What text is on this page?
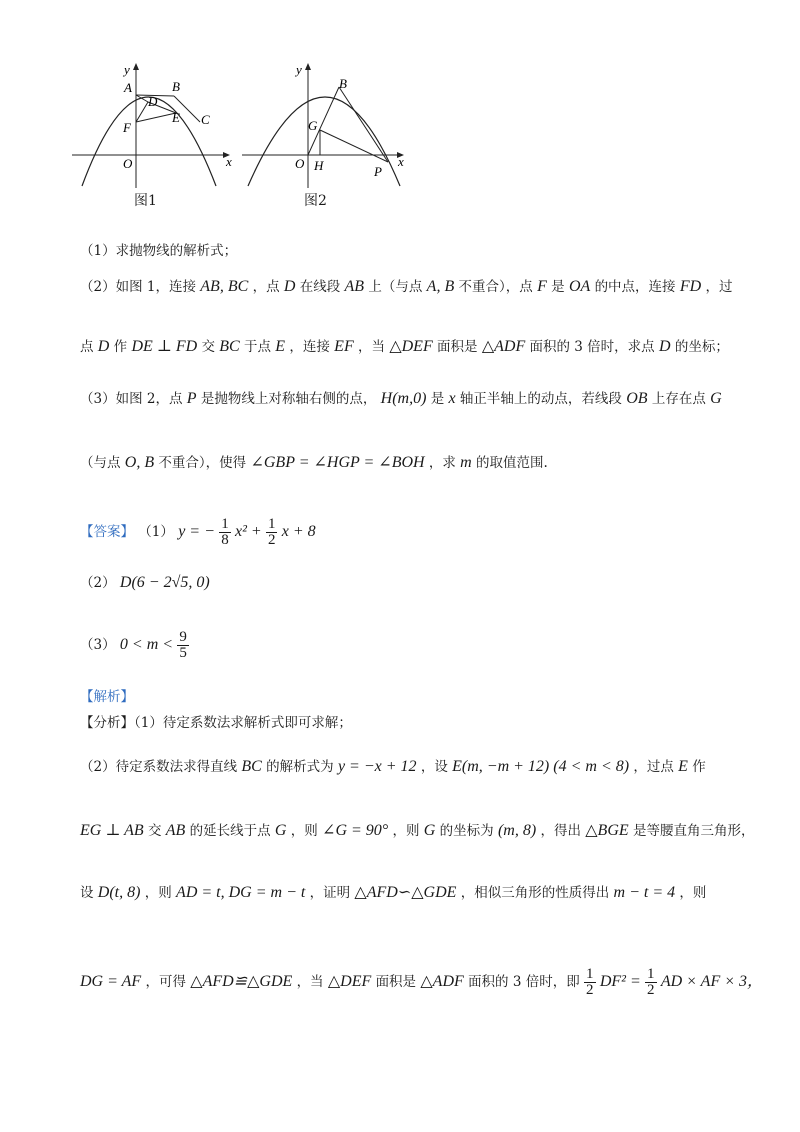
y
A	B
D
E C
F
O	x
y
B
G
O H	P
x
图1	图2
（1）求抛物线的解析式；
（2）如图 1，连接 AB, BC ，点 D 在线段 AB 上（与点 A, B 不重合），点 F 是 OA 的中点，连接 FD ，过
点 D 作 DE ⊥ FD 交 BC 于点 E ，连接 EF ，当 △DEF 面积是 △ADF 面积的 3 倍时，求点 D 的坐标；
（3）如图 2，点 P 是抛物线上对称轴右侧的点， H(m,0) 是 x 轴正半轴上的动点，若线段 OB 上存在点 G
（与点 O, B 不重合），使得 ∠GBP = ∠HGP = ∠BOH ，求 m 的取值范围.
【答案】 （1） y = − $\frac{1}{8} x^2 + \frac{1}{2}$ x + 8
（2） D(6 − 2√5, 0)
（3） $0 < m < \frac{9}{5}$
【解析】
【分析】（1）待定系数法求解析式即可求解；
（2）待定系数法求得直线 BC 的解析式为 y = −x + 12 ，设 E(m, −m + 12) (4 < m < 8) ，过点 E 作
EG ⊥ AB 交 AB 的延长线于点 G ，则 ∠G = 90° ，则 G 的坐标为 (m, 8) ，得出 △BGE 是等腰直角三角形，
设 D(t, 8) ，则 AD = t, DG = m − t ，证明 △AFD∽△GDE ，相似三角形的性质得出 m − t = 4 ，则
DG = AF ，可得 △AFD≌△GDE ，当 △DEF 面积是 △ADF 面积的 3 倍时，即 $\frac{1}{2} DF^2 = \frac{1}{2}$ AD × AF × 3，
